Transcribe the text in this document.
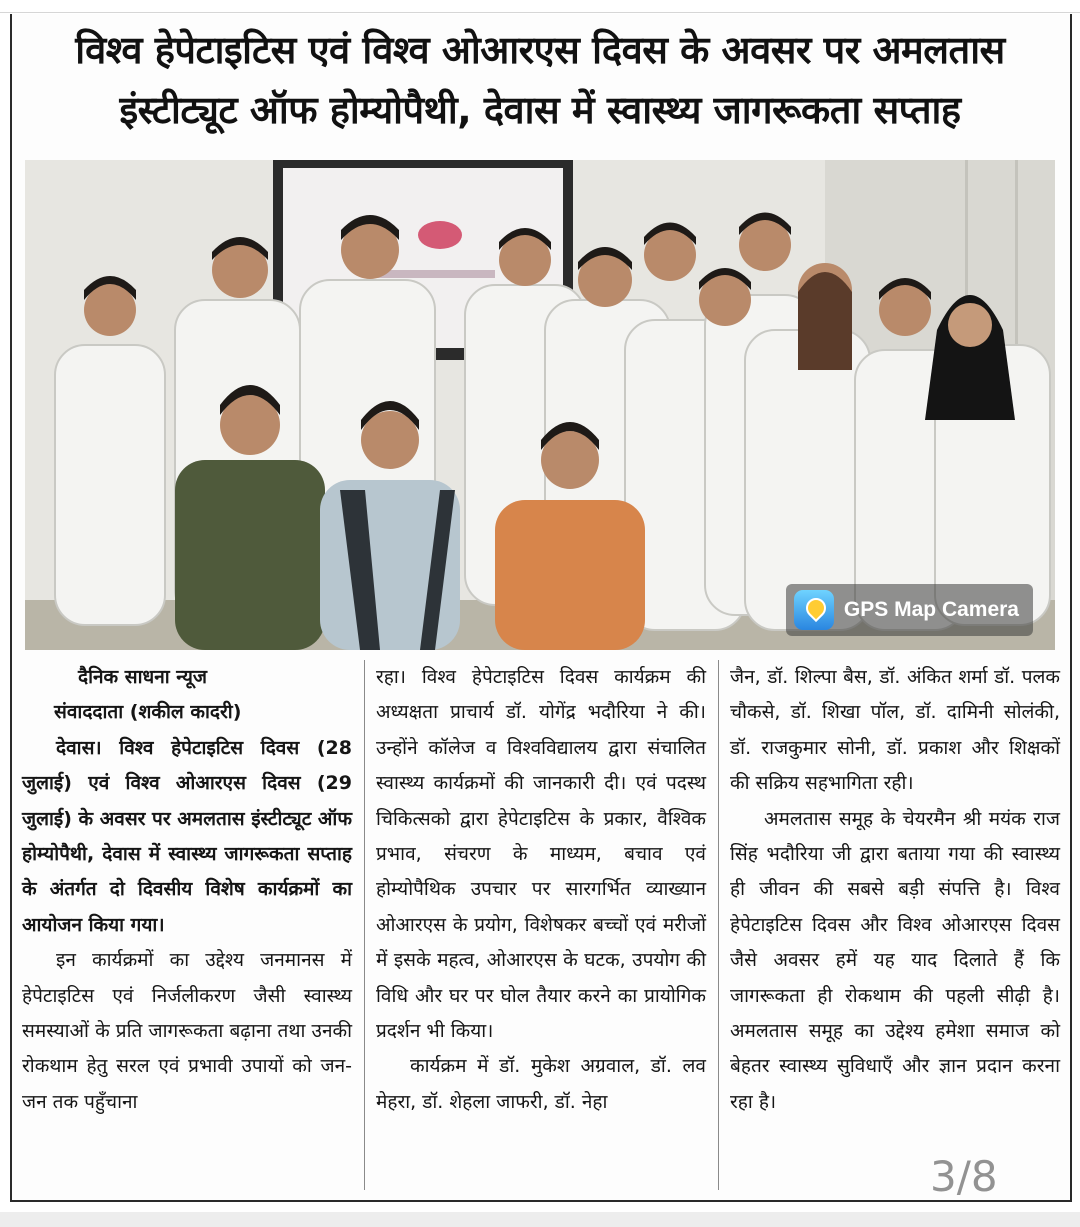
विश्व हेपेटाइटिस एवं विश्व ओआरएस दिवस के अवसर पर अमलतास
इंस्टीट्यूट ऑफ होम्योपैथी, देवास में स्वास्थ्य जागरूकता सप्ताह
GPS Map Camera

दैनिक साधना न्यूज

संवाददाता (शकील कादरी)

देवास। विश्व हेपेटाइटिस दिवस (28 जुलाई) एवं विश्व ओआरएस दिवस (29 जुलाई) के अवसर पर अमलतास इंस्टीट्यूट ऑफ होम्योपैथी, देवास में स्वास्थ्य जागरूकता सप्ताह के अंतर्गत दो दिवसीय विशेष कार्यक्रमों का आयोजन किया गया।

इन कार्यक्रमों का उद्देश्य जनमानस में हेपेटाइटिस एवं निर्जलीकरण जैसी स्वास्थ्य समस्याओं के प्रति जागरूकता बढ़ाना तथा उनकी रोकथाम हेतु सरल एवं प्रभावी उपायों को जन-जन तक पहुँचाना

रहा। विश्व हेपेटाइटिस दिवस कार्यक्रम की अध्यक्षता प्राचार्य डॉ. योगेंद्र भदौरिया ने की। उन्होंने कॉलेज व विश्वविद्यालय द्वारा संचालित स्वास्थ्य कार्यक्रमों की जानकारी दी। एवं पदस्थ चिकित्सको द्वारा हेपेटाइटिस के प्रकार, वैश्विक प्रभाव, संचरण के माध्यम, बचाव एवं होम्योपैथिक उपचार पर सारगर्भित व्याख्यान ओआरएस के प्रयोग, विशेषकर बच्चों एवं मरीजों में इसके महत्व, ओआरएस के घटक, उपयोग की विधि और घर पर घोल तैयार करने का प्रायोगिक प्रदर्शन भी किया।

कार्यक्रम में डॉ. मुकेश अग्रवाल, डॉ. लव मेहरा, डॉ. शेहला जाफरी, डॉ. नेहा

जैन, डॉ. शिल्पा बैस, डॉ. अंकित शर्मा डॉ. पलक चौकसे, डॉ. शिखा पॉल, डॉ. दामिनी सोलंकी, डॉ. राजकुमार सोनी, डॉ. प्रकाश और शिक्षकों की सक्रिय सहभागिता रही।

अमलतास समूह के चेयरमैन श्री मयंक राज सिंह भदौरिया जी द्वारा बताया गया की स्वास्थ्य ही जीवन की सबसे बड़ी संपत्ति है। विश्व हेपेटाइटिस दिवस और विश्व ओआरएस दिवस जैसे अवसर हमें यह याद दिलाते हैं कि जागरूकता ही रोकथाम की पहली सीढ़ी है। अमलतास समूह का उद्देश्य हमेशा समाज को बेहतर स्वास्थ्य सुविधाएँ और ज्ञान प्रदान करना रहा है।

3/8
